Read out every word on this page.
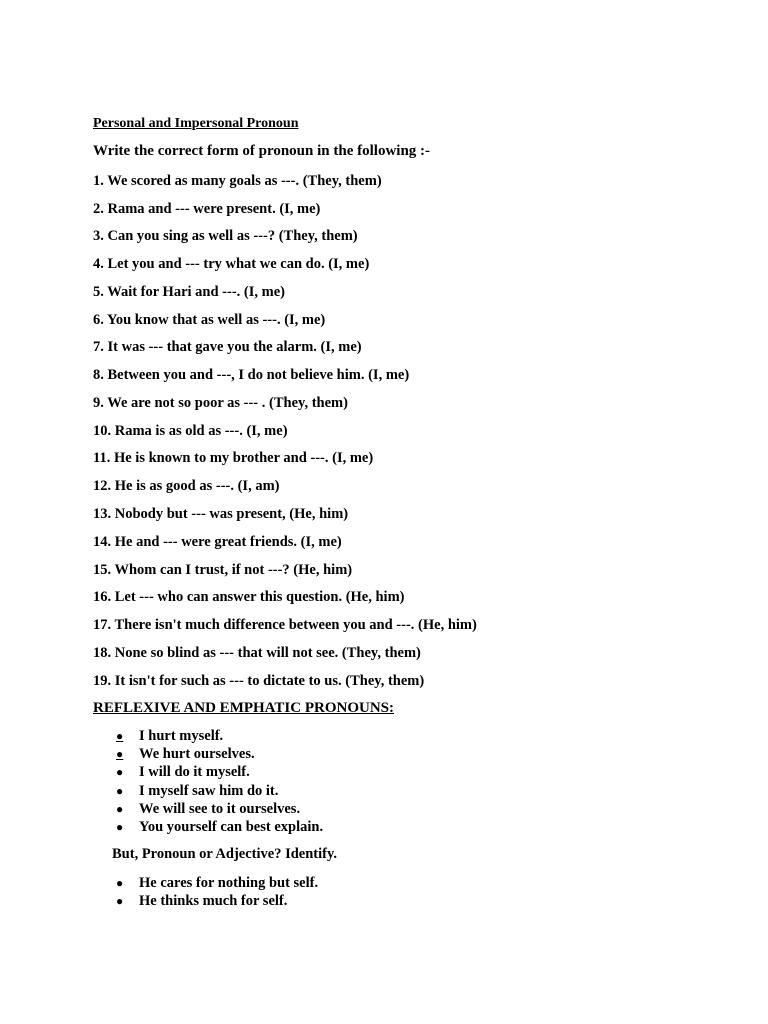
Personal and Impersonal Pronoun
Write the correct form of pronoun in the following :-
1. We scored as many goals as ---. (They, them)
2. Rama and --- were present. (I, me)
3. Can you sing as well as ---? (They, them)
4. Let you and --- try what we can do. (I, me)
5. Wait for Hari and ---. (I, me)
6. You know that as well as ---. (I, me)
7. It was --- that gave you the alarm. (I, me)
8. Between you and ---, I do not believe him. (I, me)
9. We are not so poor as --- . (They, them)
10. Rama is as old as ---. (I, me)
11. He is known to my brother and ---. (I, me)
12. He is as good as ---. (I, am)
13. Nobody but --- was present, (He, him)
14. He and --- were great friends. (I, me)
15. Whom can I trust, if not ---? (He, him)
16. Let --- who can answer this question. (He, him)
17. There isn't much difference between you and ---. (He, him)
18. None so blind as --- that will not see. (They, them)
19. It isn't for such as --- to dictate to us. (They, them)
REFLEXIVE AND EMPHATIC PRONOUNS:
● I hurt myself.
● We hurt ourselves.
● I will do it myself.
● I myself saw him do it.
● We will see to it ourselves.
● You yourself can best explain.
But, Pronoun or Adjective? Identify.
● He cares for nothing but self.
● He thinks much for self.
